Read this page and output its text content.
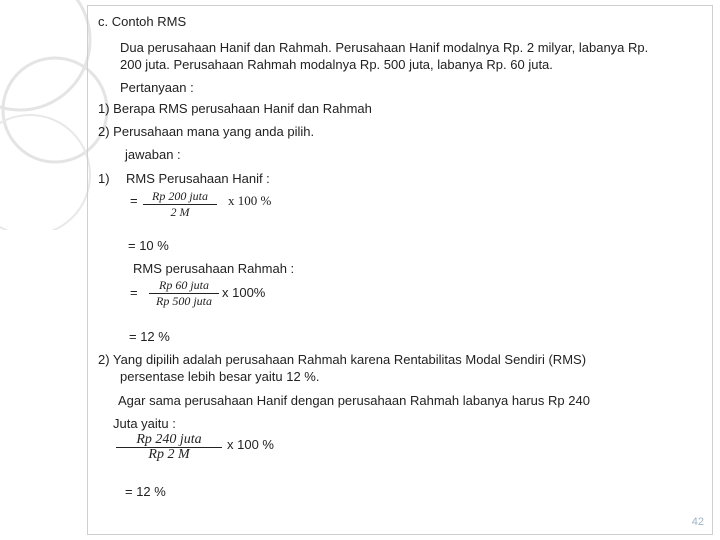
c. Contoh RMS
Dua perusahaan Hanif dan Rahmah. Perusahaan Hanif modalnya Rp. 2 milyar, labanya Rp.
200 juta. Perusahaan Rahmah modalnya Rp. 500 juta, labanya Rp. 60 juta.
Pertanyaan :
1) Berapa RMS perusahaan Hanif dan Rahmah
2) Perusahaan mana yang anda pilih.
jawaban :
1) RMS Perusahaan Hanif :
=	Rp 200 juta
2 M
x 100 %
= 10 %
RMS perusahaan Rahmah :
=	Rp 60 juta
Rp 500 juta
x 100%
= 12 %
2) Yang dipilih adalah perusahaan Rahmah karena Rentabilitas Modal Sendiri (RMS)
persentase lebih besar yaitu 12 %.
Agar sama perusahaan Hanif dengan perusahaan Rahmah labanya harus Rp 240
Juta yaitu :
Rp 240 juta
Rp 2 M
x 100 %
= 12 %
42
